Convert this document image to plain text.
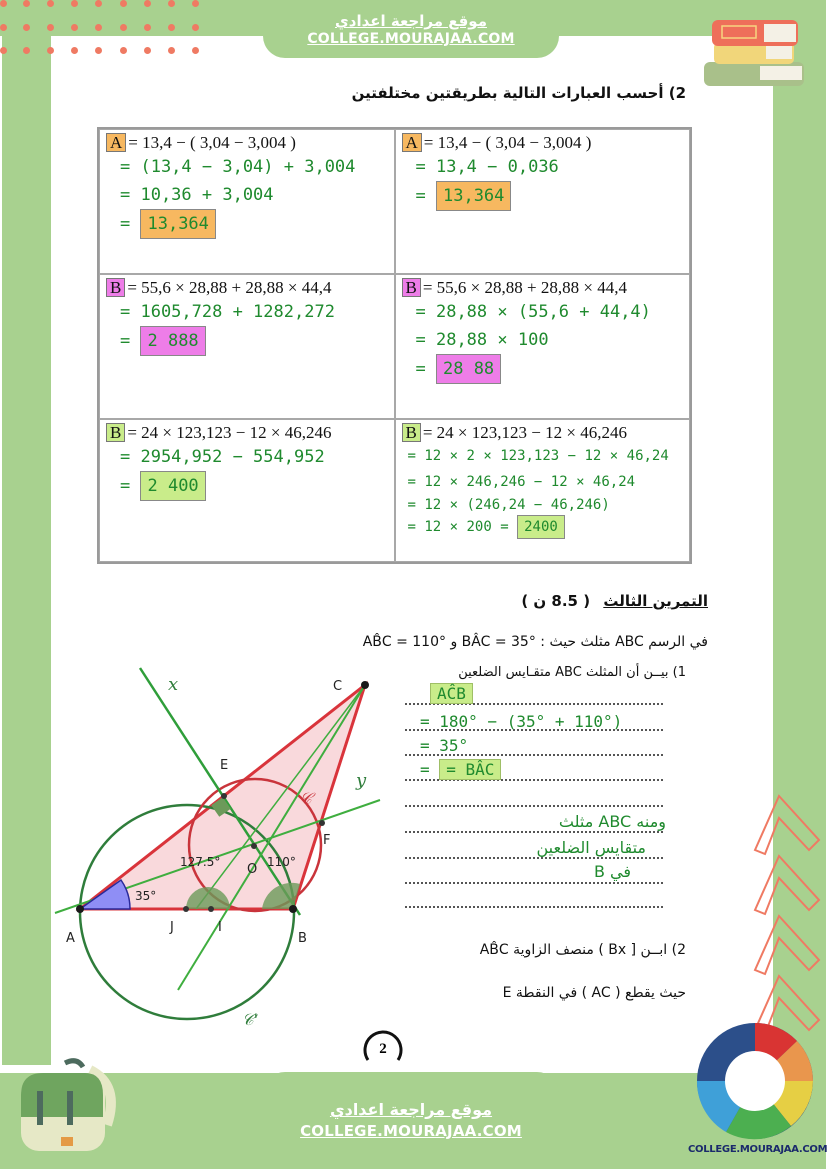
موقع مراجعة اعدادي
COLLEGE.MOURAJAA.COM
2) أحسب العبارات التالية بطريقتين مختلفتين
A = 13,4 − ( 3,04 − 3,004 )
= (13,4 − 3,04) + 3,004
= 10,36 + 3,004
= 13,364
A = 13,4 − ( 3,04 − 3,004 )
= 13,4 − 0,036
= 13,364
B = 55,6 × 28,88 + 28,88 × 44,4
= 1605,728 + 1282,272
= 2 888
B = 55,6 × 28,88 + 28,88 × 44,4
= 28,88 × (55,6 + 44,4)
= 28,88 × 100
= 28 88
B = 24 × 123,123 − 12 × 46,246
= 2954,952 − 554,952
= 2 400
B = 24 × 123,123 − 12 × 46,246
= 12 × 2 × 123,123 − 12 × 46,24
= 12 × 246,246 − 12 × 46,24
= 12 × (246,24 − 46,246)
= 12 × 200 = 2400
التمرين الثالث ( 8.5 ن )
في الرسم ABC مثلث حيث : BÂC = 35° و AB̂C = 110°
1) بيــن أن المثلث ABC متقـايس الضلعين
AĈB
= 180° − (35° + 110°)
= 35°
= = BÂC
ومنه ABC مثلث
متقايس الضلعين
في B
A	B
C
E
F
O
J	I
35°
127.5°	110°
x
y
𝒞
𝒞'
2) ابــن [ Bx ) منصف الزاوية AB̂C
حيث يقطع ( AC ) في النقطة E
2
موقع مراجعة اعدادي
COLLEGE.MOURAJAA.COM
COLLEGE.MOURAJAA.COM
